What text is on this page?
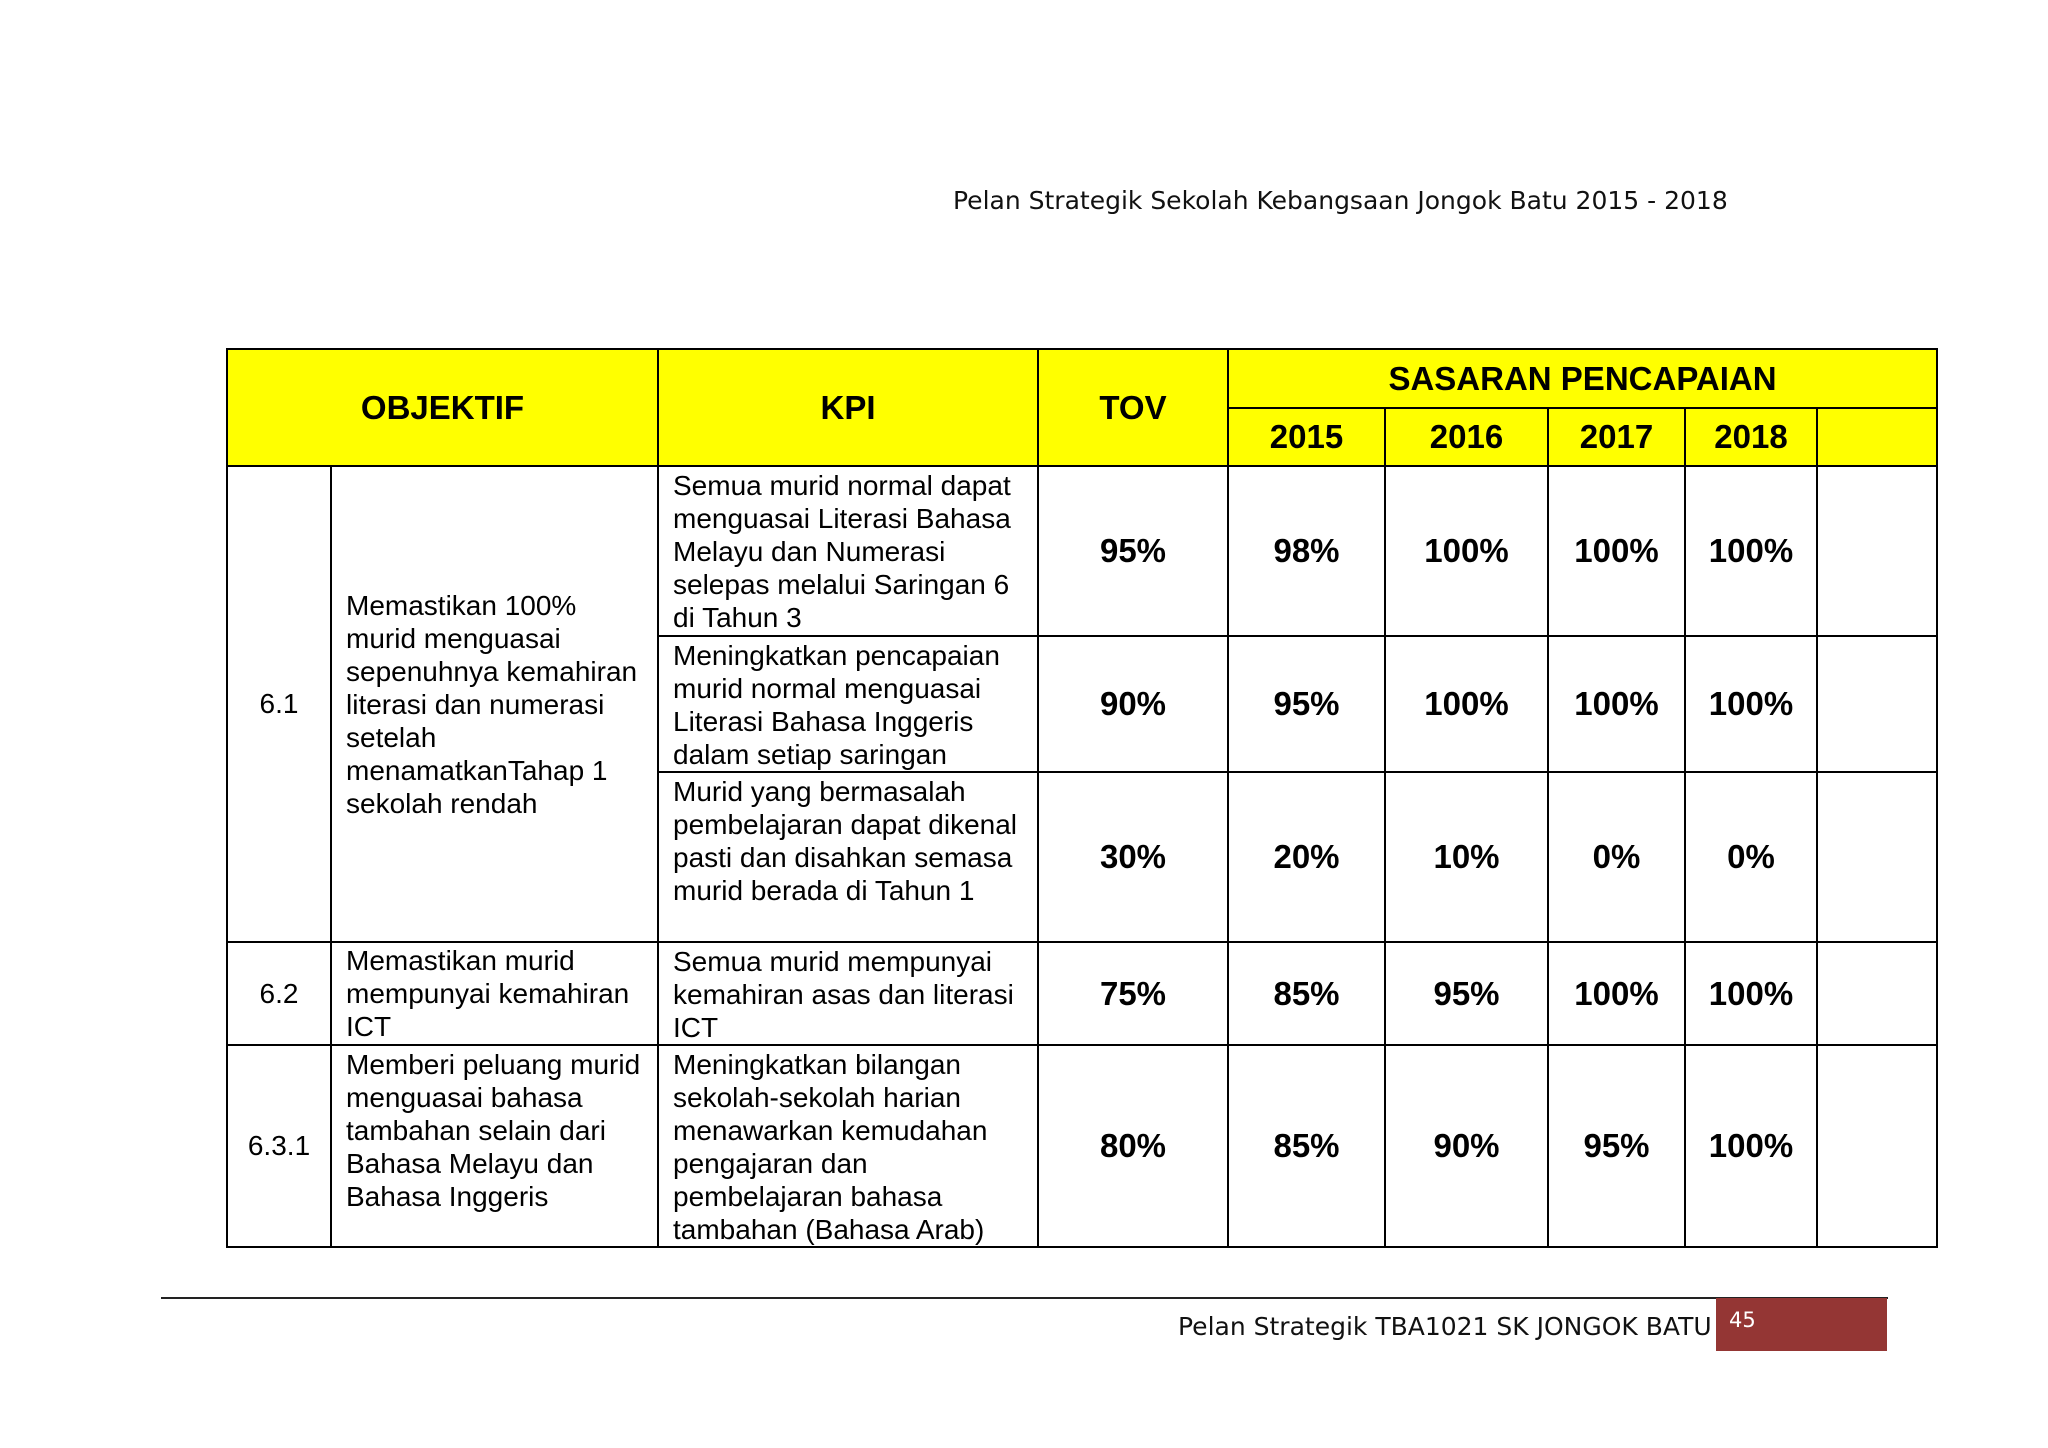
Pelan Strategik Sekolah Kebangsaan Jongok Batu 2015 - 2018
OBJEKTIF		KPI	TOV	SASARAN PENCAPAIAN				
				2015	2016	2017	2018	
6.1	Memastikan 100% murid menguasai sepenuhnya kemahiran literasi dan numerasi setelah menamatkanTahap 1 sekolah rendah	Semua murid normal dapat menguasai Literasi Bahasa Melayu dan Numerasi selepas melalui Saringan 6 di Tahun 3	95%	98%	100%	100%	100%	
		Meningkatkan pencapaian murid normal menguasai Literasi Bahasa Inggeris dalam setiap saringan	90%	95%	100%	100%	100%	
		Murid yang bermasalah pembelajaran dapat dikenal pasti dan disahkan semasa murid berada di Tahun 1	30%	20%	10%	0%	0%	
6.2	Memastikan murid mempunyai kemahiran ICT	Semua murid mempunyai kemahiran asas dan literasi ICT	75%	85%	95%	100%	100%	
6.3.1	Memberi peluang murid menguasai bahasa tambahan selain dari Bahasa Melayu dan Bahasa Inggeris	Meningkatkan bilangan sekolah-sekolah harian menawarkan kemudahan pengajaran dan pembelajaran bahasa tambahan (Bahasa Arab)	80%	85%	90%	95%	100%	
Pelan Strategik TBA1021 SK JONGOK BATU 45
